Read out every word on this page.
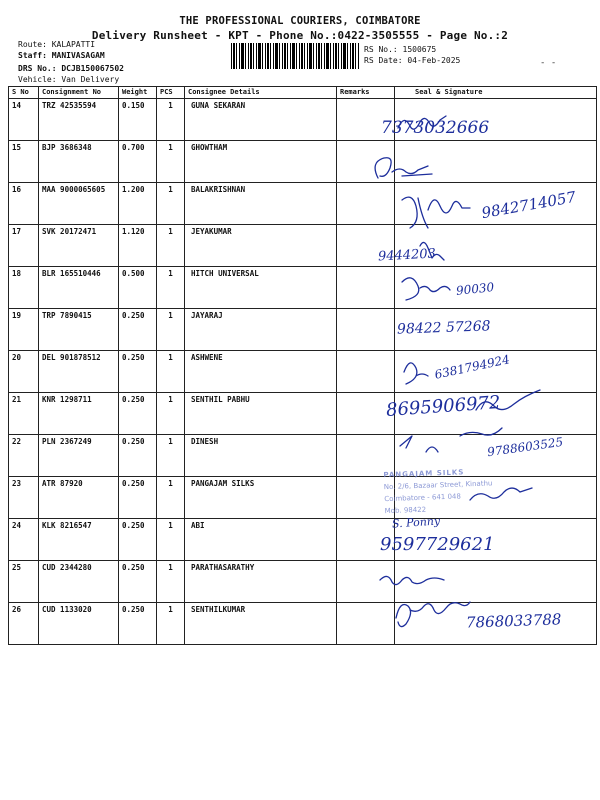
THE PROFESSIONAL COURIERS, COIMBATORE
Delivery Runsheet - KPT - Phone No.:0422-3505555 - Page No.:2
Route: KALAPATTI
Staff: MANIVASAGAM
DRS No.: DCJB150067502
Vehicle: Van Delivery
- -
RS No.: 1500675
RS Date: 04-Feb-2025
S No	Consignment No	Weight	PCS	Consignee Details	Remarks	Seal & Signature
14	TRZ 42535594	0.150	1	GUNA SEKARAN		
15	BJP 3686348	0.700	1	GHOWTHAM		
16	MAA 9000065605	1.200	1	BALAKRISHNAN		
17	SVK 20172471	1.120	1	JEYAKUMAR		
18	BLR 165510446	0.500	1	HITCH UNIVERSAL		
19	TRP 7890415	0.250	1	JAYARAJ		
20	DEL 901878512	0.250	1	ASHWENE		
21	KNR 1298711	0.250	1	SENTHIL PABHU		
22	PLN 2367249	0.250	1	DINESH		
23	ATR 87920	0.250	1	PANGAJAM SILKS		
24	KLK 8216547	0.250	1	ABI		
25	CUD 2344280	0.250	1	PARATHASARATHY		
26	CUD 1133020	0.250	1	SENTHILKUMAR		
7373032666
9842714057
9444203
90030
98422 57268
6381794924
8695906972
9788603525
PANGAJAM SILKS
No. 2/6, Bazaar Street, Kinathu
Coimbatore - 641 048
Mob. 98422
S. Ponny
9597729621
7868033788
